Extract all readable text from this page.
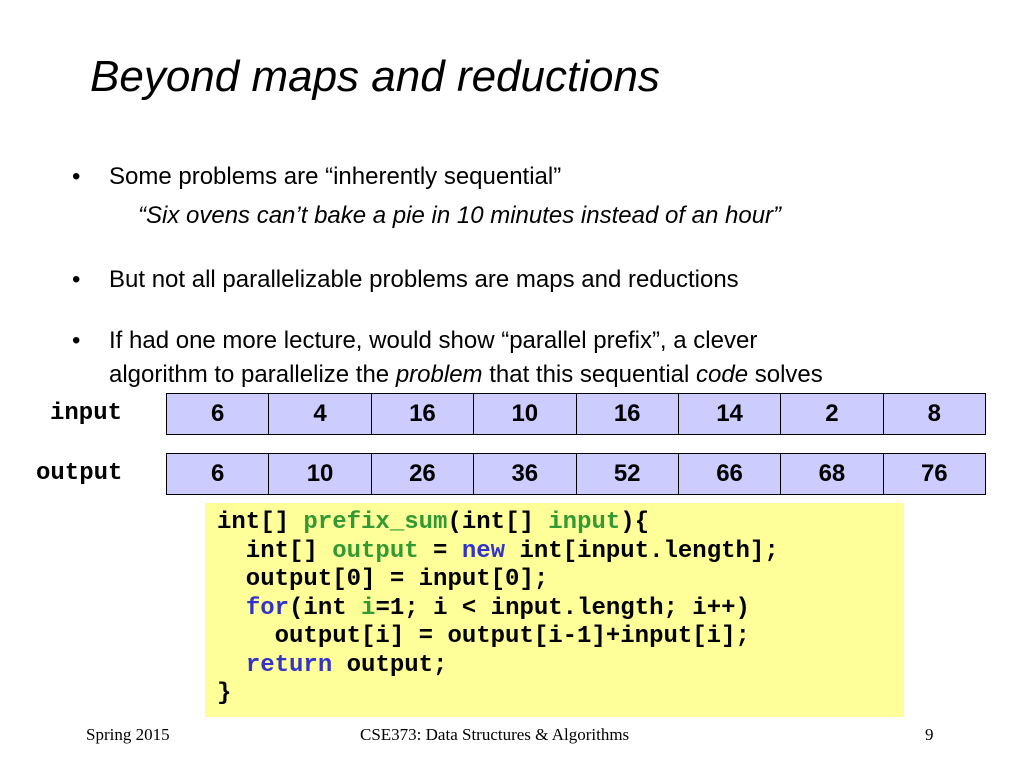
Beyond maps and reductions
• Some problems are “inherently sequential”
“Six ovens can’t bake a pie in 10 minutes instead of an hour”
• But not all parallelizable problems are maps and reductions
• If had one more lecture, would show “parallel prefix”, a clever
algorithm to parallelize the problem that this sequential code solves
input	6	4	16	10	16	14	2	8
output	6	10	26	36	52	66	68	76
int[] prefix_sum(int[] input){
int[] output = new int[input.length];
output[0] = input[0];
for(int i=1; i < input.length; i++)
output[i] = output[i-1]+input[i];
return output;
}
Spring 2015	CSE373: Data Structures & Algorithms	9
